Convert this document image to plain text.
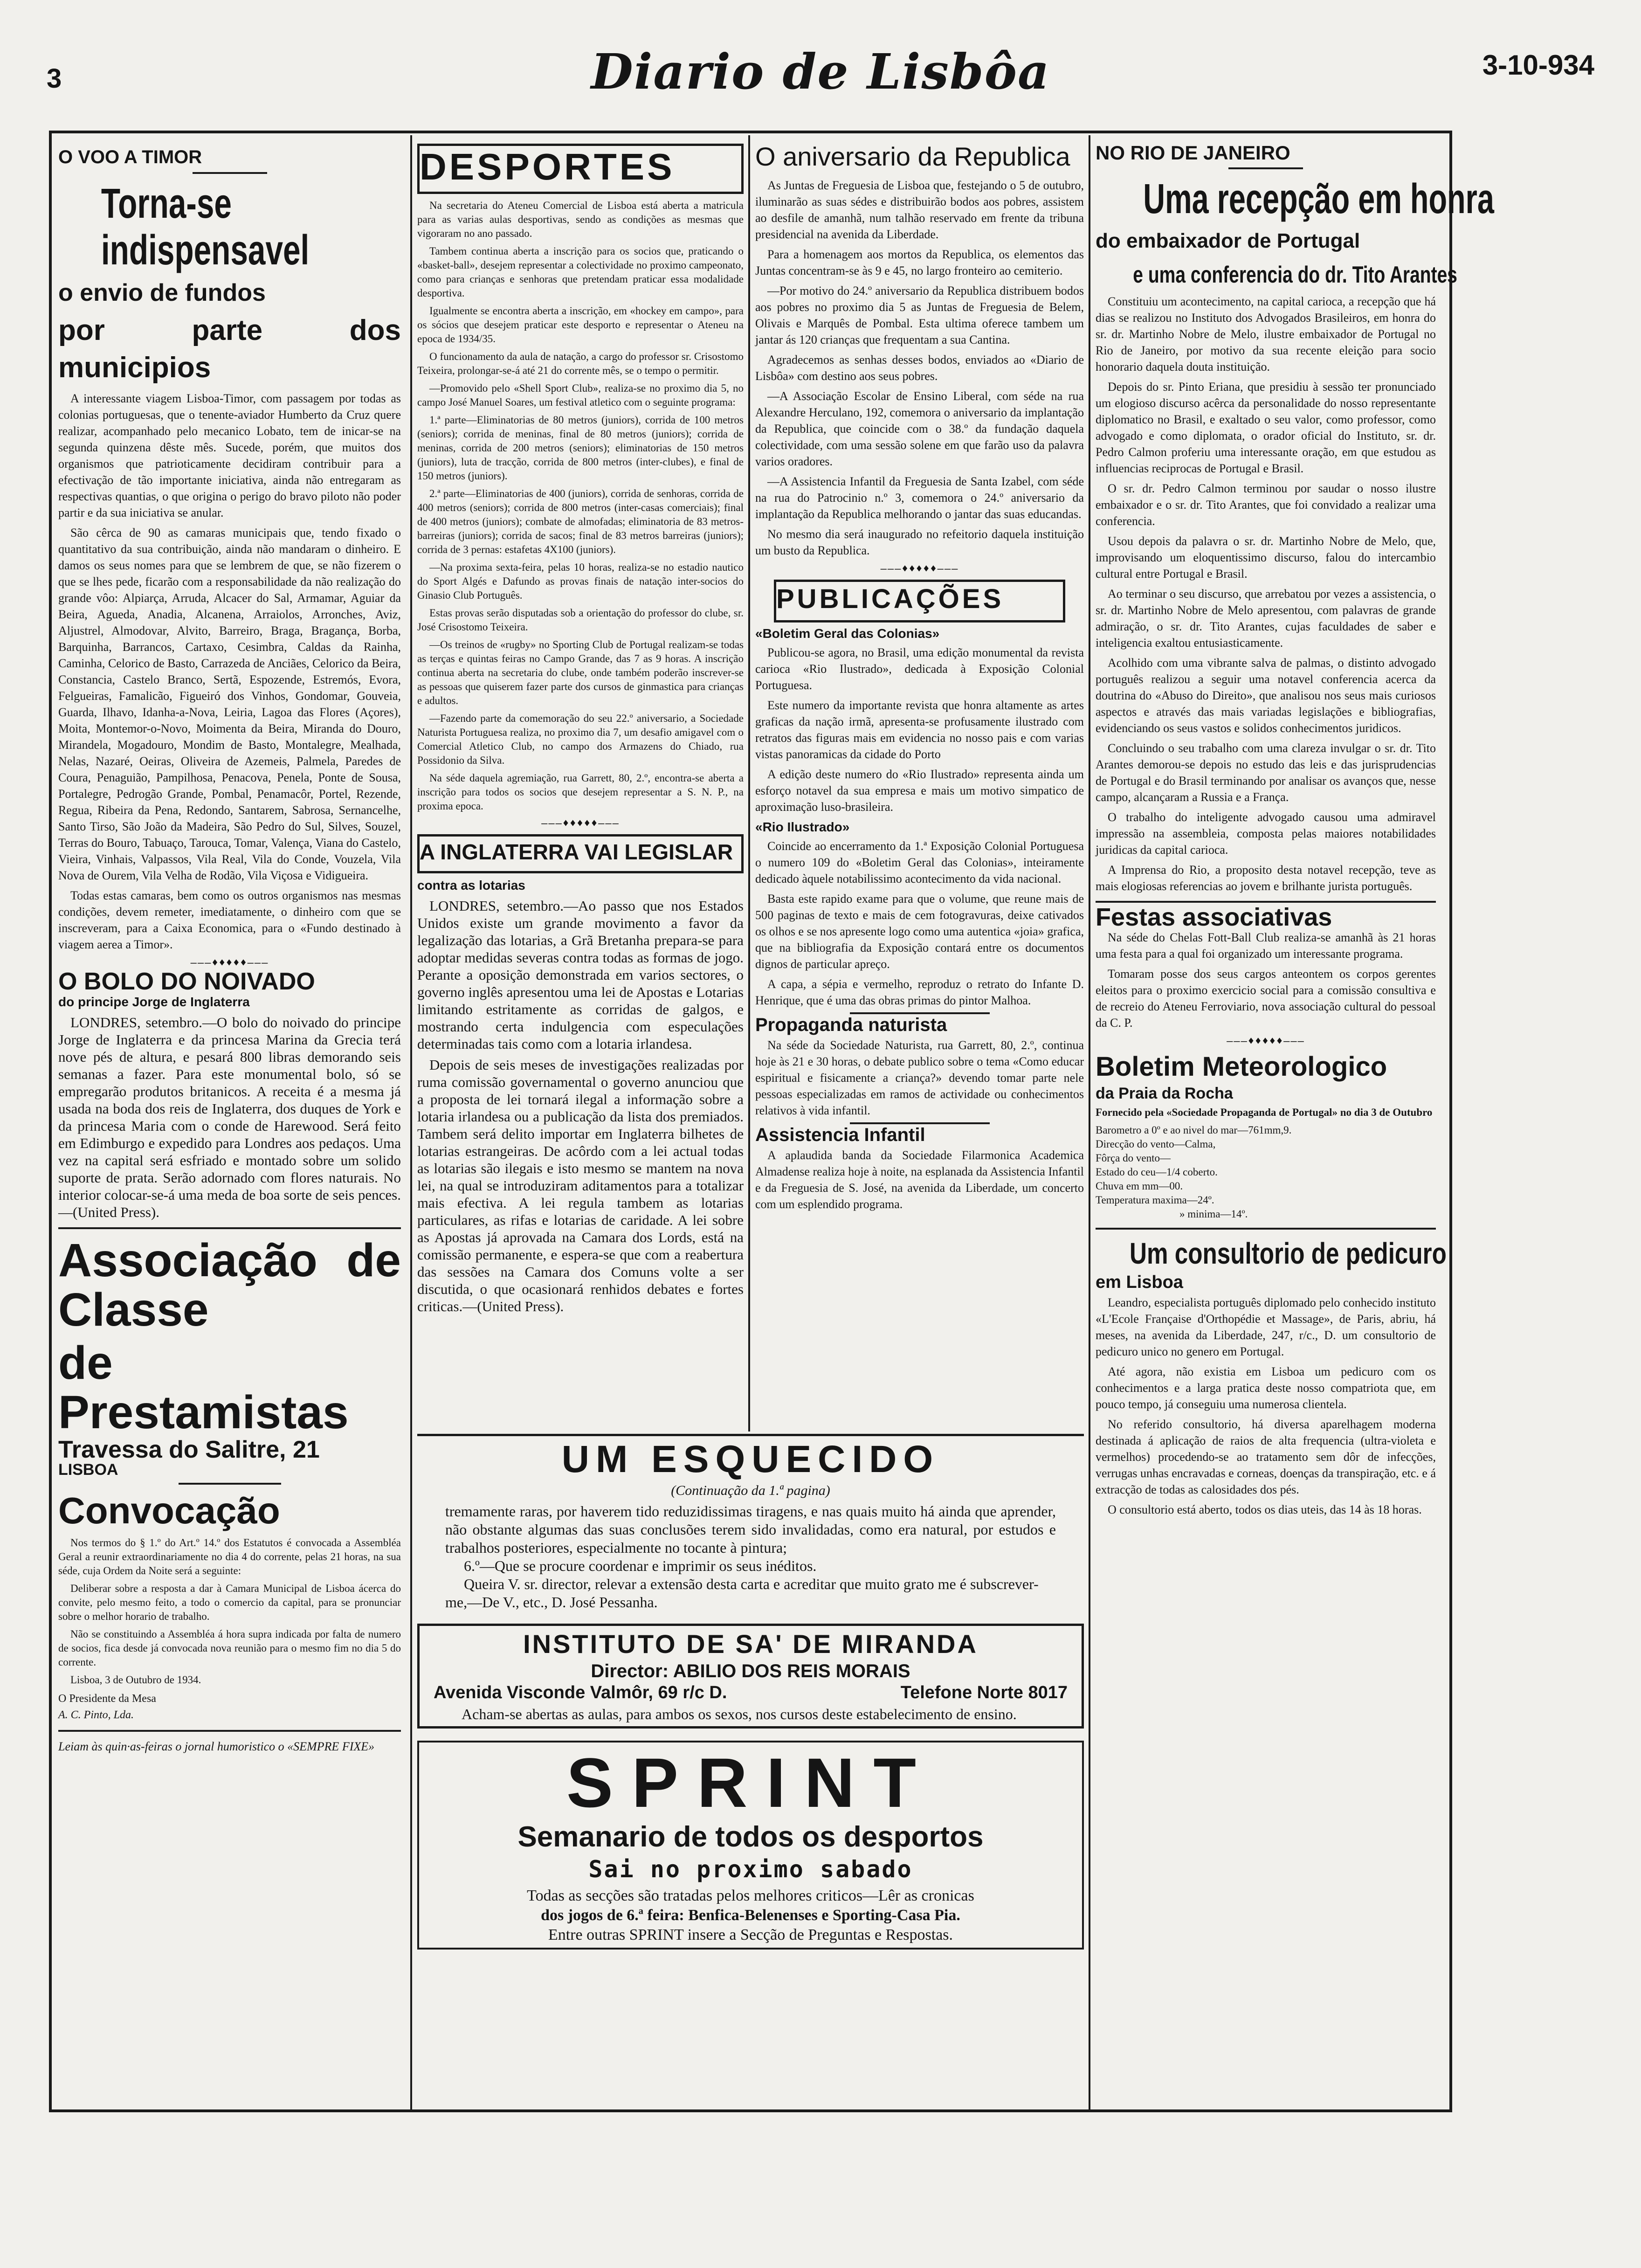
3	Diario de Lisbôa	3-10-934

O VOO A TIMOR

Torna-se indispensavel

o envio de fundos

por parte dos municipios

A interessante viagem Lisboa-Timor, com passagem por todas as colonias portuguesas, que o tenente-aviador Humberto da Cruz quere realizar, acompanhado pelo mecanico Lobato, tem de inicar-se na segunda quinzena dêste mês. Sucede, porém, que muitos dos organismos que patrioticamente decidiram contribuir para a efectivação de tão importante iniciativa, ainda não entregaram as respectivas quantias, o que origina o perigo do bravo piloto não poder partir e da sua iniciativa se anular.

São cêrca de 90 as camaras municipais que, tendo fixado o quantitativo da sua contribuição, ainda não mandaram o dinheiro. E damos os seus nomes para que se lembrem de que, se não fizerem o que se lhes pede, ficarão com a responsabilidade da não realização do grande vôo: Alpiarça, Arruda, Alcacer do Sal, Armamar, Aguiar da Beira, Agueda, Anadia, Alcanena, Arraiolos, Arronches, Aviz, Aljustrel, Almodovar, Alvito, Barreiro, Braga, Bragança, Borba, Barquinha, Barrancos, Cartaxo, Cesimbra, Caldas da Rainha, Caminha, Celorico de Basto, Carrazeda de Anciães, Celorico da Beira, Constancia, Castelo Branco, Sertã, Espozende, Estremós, Evora, Felgueiras, Famalicão, Figueiró dos Vinhos, Gondomar, Gouveia, Guarda, Ilhavo, Idanha-a-Nova, Leiria, Lagoa das Flores (Açores), Moita, Montemor-o-Novo, Moimenta da Beira, Miranda do Douro, Mirandela, Mogadouro, Mondim de Basto, Montalegre, Mealhada, Nelas, Nazaré, Oeiras, Oliveira de Azemeis, Palmela, Paredes de Coura, Penaguião, Pampilhosa, Penacova, Penela, Ponte de Sousa, Portalegre, Pedrogão Grande, Pombal, Penamacôr, Portel, Rezende, Regua, Ribeira da Pena, Redondo, Santarem, Sabrosa, Sernancelhe, Santo Tirso, São João da Madeira, São Pedro do Sul, Silves, Souzel, Terras do Bouro, Tabuaço, Tarouca, Tomar, Valença, Viana do Castelo, Vieira, Vinhais, Valpassos, Vila Real, Vila do Conde, Vouzela, Vila Nova de Ourem, Vila Velha de Rodão, Vila Viçosa e Vidigueira.

Todas estas camaras, bem como os outros organismos nas mesmas condições, devem remeter, imediatamente, o dinheiro com que se inscreveram, para a Caixa Economica, para o «Fundo destinado à viagem aerea a Timor».

———♦♦♦♦♦———

O BOLO DO NOIVADO

do principe Jorge de Inglaterra

LONDRES, setembro.—O bolo do noivado do principe Jorge de Inglaterra e da princesa Marina da Grecia terá nove pés de altura, e pesará 800 libras demorando seis semanas a fazer. Para este monumental bolo, só se empregarão produtos britanicos. A receita é a mesma já usada na boda dos reis de Inglaterra, dos duques de York e da princesa Maria com o conde de Harewood. Será feito em Edimburgo e expedido para Londres aos pedaços. Uma vez na capital será esfriado e montado sobre um solido suporte de prata. Serão adornado com flores naturais. No interior colocar-se-á uma meda de boa sorte de seis pences.—(United Press).

Associação de Classe

de Prestamistas

Travessa do Salitre, 21

LISBOA

Convocação

Nos termos do § 1.º do Art.º 14.º dos Estatutos é convocada a Assembléa Geral a reunir extraordinariamente no dia 4 do corrente, pelas 21 horas, na sua séde, cuja Ordem da Noite será a seguinte:

Deliberar sobre a resposta a dar à Camara Municipal de Lisboa ácerca do convite, pelo mesmo feito, a todo o comercio da capital, para se pronunciar sobre o melhor horario de trabalho.

Não se constituindo a Assembléa á hora supra indicada por falta de numero de socios, fica desde já convocada nova reunião para o mesmo fim no dia 5 do corrente.

Lisboa, 3 de Outubro de 1934.

O Presidente da Mesa

A. C. Pinto, Lda.

Leiam às quin·as-feiras o jornal humoristico o «SEMPRE FIXE»

DESPORTES

Na secretaria do Ateneu Comercial de Lisboa está aberta a matricula para as varias aulas desportivas, sendo as condições as mesmas que vigoraram no ano passado.

Tambem continua aberta a inscrição para os socios que, praticando o «basket-ball», desejem representar a colectividade no proximo campeonato, como para crianças e senhoras que pretendam praticar essa modalidade desportiva.

Igualmente se encontra aberta a inscrição, em «hockey em campo», para os sócios que desejem praticar este desporto e representar o Ateneu na epoca de 1934/35.

O funcionamento da aula de natação, a cargo do professor sr. Crisostomo Teixeira, prolongar-se-á até 21 do corrente mês, se o tempo o permitir.

—Promovido pelo «Shell Sport Club», realiza-se no proximo dia 5, no campo José Manuel Soares, um festival atletico com o seguinte programa:

1.ª parte—Eliminatorias de 80 metros (juniors), corrida de 100 metros (seniors); corrida de meninas, final de 80 metros (juniors); corrida de meninas, corrida de 200 metros (seniors); eliminatorias de 150 metros (juniors), luta de tracção, corrida de 800 metros (inter-clubes), e final de 150 metros (juniors).

2.ª parte—Eliminatorias de 400 (juniors), corrida de senhoras, corrida de 400 metros (seniors); corrida de 800 metros (inter-casas comerciais); final de 400 metros (juniors); combate de almofadas; eliminatoria de 83 metros-barreiras (juniors); corrida de sacos; final de 83 metros barreiras (juniors); corrida de 3 pernas: estafetas 4X100 (juniors).

—Na proxima sexta-feira, pelas 10 horas, realiza-se no estadio nautico do Sport Algés e Dafundo as provas finais de natação inter-socios do Ginasio Club Português.

Estas provas serão disputadas sob a orientação do professor do clube, sr. José Crisostomo Teixeira.

—Os treinos de «rugby» no Sporting Club de Portugal realizam-se todas as terças e quintas feiras no Campo Grande, das 7 as 9 horas. A inscrição continua aberta na secretaria do clube, onde também poderão inscrever-se as pessoas que quiserem fazer parte dos cursos de ginmastica para crianças e adultos.

—Fazendo parte da comemoração do seu 22.º aniversario, a Sociedade Naturista Portuguesa realiza, no proximo dia 7, um desafio amigavel com o Comercial Atletico Club, no campo dos Armazens do Chiado, rua Possidonio da Silva.

Na séde daquela agremiação, rua Garrett, 80, 2.º, encontra-se aberta a inscrição para todos os socios que desejem representar a S. N. P., na proxima epoca.

———♦♦♦♦♦———

A INGLATERRA VAI LEGISLAR

contra as lotarias

LONDRES, setembro.—Ao passo que nos Estados Unidos existe um grande movimento a favor da legalização das lotarias, a Grã Bretanha prepara-se para adoptar medidas severas contra todas as formas de jogo. Perante a oposição demonstrada em varios sectores, o governo inglês apresentou uma lei de Apostas e Lotarias limitando estritamente as corridas de galgos, e mostrando certa indulgencia com especulações determinadas tais como com a lotaria irlandesa.

Depois de seis meses de investigações realizadas por ruma comissão governamental o governo anunciou que a proposta de lei tornará ilegal a informação sobre a lotaria irlandesa ou a publicação da lista dos premiados. Tambem será delito importar em Inglaterra bilhetes de lotarias estrangeiras. De acôrdo com a lei actual todas as lotarias são ilegais e isto mesmo se mantem na nova lei, na qual se introduziram aditamentos para a totalizar mais efectiva. A lei regula tambem as lotarias particulares, as rifas e lotarias de caridade. A lei sobre as Apostas já aprovada na Camara dos Lords, está na comissão permanente, e espera-se que com a reabertura das sessões na Camara dos Comuns volte a ser discutida, o que ocasionará renhidos debates e fortes criticas.—(United Press).

O aniversario da Republica

As Juntas de Freguesia de Lisboa que, festejando o 5 de outubro, iluminarão as suas sédes e distribuirão bodos aos pobres, assistem ao desfile de amanhã, num talhão reservado em frente da tribuna presidencial na avenida da Liberdade.

Para a homenagem aos mortos da Republica, os elementos das Juntas concentram-se às 9 e 45, no largo fronteiro ao cemiterio.

—Por motivo do 24.º aniversario da Republica distribuem bodos aos pobres no proximo dia 5 as Juntas de Freguesia de Belem, Olivais e Marquês de Pombal. Esta ultima oferece tambem um jantar ás 120 crianças que frequentam a sua Cantina.

Agradecemos as senhas desses bodos, enviados ao «Diario de Lisbôa» com destino aos seus pobres.

—A Associação Escolar de Ensino Liberal, com séde na rua Alexandre Herculano, 192, comemora o aniversario da implantação da Republica, que coincide com o 38.º da fundação daquela colectividade, com uma sessão solene em que farão uso da palavra varios oradores.

—A Assistencia Infantil da Freguesia de Santa Izabel, com séde na rua do Patrocinio n.º 3, comemora o 24.º aniversario da implantação da Republica melhorando o jantar das suas educandas.

No mesmo dia será inaugurado no refeitorio daquela instituição um busto da Republica.

———♦♦♦♦♦———

PUBLICAÇÕES

«Boletim Geral das Colonias»

Publicou-se agora, no Brasil, uma edição monumental da revista carioca «Rio Ilustrado», dedicada à Exposição Colonial Portuguesa.

Este numero da importante revista que honra altamente as artes graficas da nação irmã, apresenta-se profusamente ilustrado com retratos das figuras mais em evidencia no nosso pais e com varias vistas panoramicas da cidade do Porto

A edição deste numero do «Rio Ilustrado» representa ainda um esforço notavel da sua empresa e mais um motivo simpatico de aproximação luso-brasileira.

«Rio Ilustrado»

Coincide ao encerramento da 1.ª Exposição Colonial Portuguesa o numero 109 do «Boletim Geral das Colonias», inteiramente dedicado àquele notabilissimo acontecimento da vida nacional.

Basta este rapido exame para que o volume, que reune mais de 500 paginas de texto e mais de cem fotogravuras, deixe cativados os olhos e se nos apresente logo como uma autentica «joia» grafica, que na bibliografia da Exposição contará entre os documentos dignos de particular apreço.

A capa, a sépia e vermelho, reproduz o retrato do Infante D. Henrique, que é uma das obras primas do pintor Malhoa.

Propaganda naturista

Na séde da Sociedade Naturista, rua Garrett, 80, 2.º, continua hoje às 21 e 30 horas, o debate publico sobre o tema «Como educar espiritual e fisicamente a criança?» devendo tomar parte nele pessoas especializadas em ramos de actividade ou conhecimentos relativos à vida infantil.

Assistencia Infantil

A aplaudida banda da Sociedade Filarmonica Academica Almadense realiza hoje à noite, na esplanada da Assistencia Infantil e da Freguesia de S. José, na avenida da Liberdade, um concerto com um esplendido programa.

NO RIO DE JANEIRO

Uma recepção em honra

do embaixador de Portugal

e uma conferencia do dr. Tito Arantes

Constituiu um acontecimento, na capital carioca, a recepção que há dias se realizou no Instituto dos Advogados Brasileiros, em honra do sr. dr. Martinho Nobre de Melo, ilustre embaixador de Portugal no Rio de Janeiro, por motivo da sua recente eleição para socio honorario daquela douta instituição.

Depois do sr. Pinto Eriana, que presidiu à sessão ter pronunciado um elogioso discurso acêrca da personalidade do nosso representante diplomatico no Brasil, e exaltado o seu valor, como professor, como advogado e como diplomata, o orador oficial do Instituto, sr. dr. Pedro Calmon proferiu uma interessante oração, em que estudou as influencias reciprocas de Portugal e Brasil.

O sr. dr. Pedro Calmon terminou por saudar o nosso ilustre embaixador e o sr. dr. Tito Arantes, que foi convidado a realizar uma conferencia.

Usou depois da palavra o sr. dr. Martinho Nobre de Melo, que, improvisando um eloquentissimo discurso, falou do intercambio cultural entre Portugal e Brasil.

Ao terminar o seu discurso, que arrebatou por vezes a assistencia, o sr. dr. Martinho Nobre de Melo apresentou, com palavras de grande admiração, o sr. dr. Tito Arantes, cujas faculdades de saber e inteligencia exaltou entusiasticamente.

Acolhido com uma vibrante salva de palmas, o distinto advogado português realizou a seguir uma notavel conferencia acerca da doutrina do «Abuso do Direito», que analisou nos seus mais curiosos aspectos e através das mais variadas legislações e bibliografias, evidenciando os seus vastos e solidos conhecimentos juridicos.

Concluindo o seu trabalho com uma clareza invulgar o sr. dr. Tito Arantes demorou-se depois no estudo das leis e das jurisprudencias de Portugal e do Brasil terminando por analisar os avanços que, nesse campo, alcançaram a Russia e a França.

O trabalho do inteligente advogado causou uma admiravel impressão na assembleia, composta pelas maiores notabilidades juridicas da capital carioca.

A Imprensa do Rio, a proposito desta notavel recepção, teve as mais elogiosas referencias ao jovem e brilhante jurista português.

Festas associativas

Na séde do Chelas Fott-Ball Club realiza-se amanhã às 21 horas uma festa para a qual foi organizado um interessante programa.

Tomaram posse dos seus cargos anteontem os corpos gerentes eleitos para o proximo exercicio social para a comissão consultiva e de recreio do Ateneu Ferroviario, nova associação cultural do pessoal da C. P.

———♦♦♦♦♦———

Boletim Meteorologico

da Praia da Rocha

Fornecido pela «Sociedade Propaganda de Portugal» no dia 3 de Outubro

Barometro a 0º e ao nivel do mar—761mm,9.

Direcção do vento—Calma,

Fôrça do vento—

Estado do ceu—1/4 coberto.

Chuva em mm—00.

Temperatura maxima—24º.

» minima—14º.

Um consultorio de pedicuro

em Lisboa

Leandro, especialista português diplomado pelo conhecido instituto «L'Ecole Française d'Orthopédie et Massage», de Paris, abriu, há meses, na avenida da Liberdade, 247, r/c., D. um consultorio de pedicuro unico no genero em Portugal.

Até agora, não existia em Lisboa um pedicuro com os conhecimentos e a larga pratica deste nosso compatriota que, em pouco tempo, já conseguiu uma numerosa clientela.

No referido consultorio, há diversa aparelhagem moderna destinada á aplicação de raios de alta frequencia (ultra-violeta e vermelhos) procedendo-se ao tratamento sem dôr de infecções, verrugas unhas encravadas e corneas, doenças da transpiração, etc. e á extracção de todas as calosidades dos pés.

O consultorio está aberto, todos os dias uteis, das 14 às 18 horas.

UM ESQUECIDO

(Continuação da 1.ª pagina)

tremamente raras, por haverem tido reduzidissimas tiragens, e nas quais muito há ainda que aprender, não obstante algumas das suas conclusões terem sido invalidadas, como era natural, por estudos e trabalhos posteriores, especialmente no tocante à pintura;

6.º—Que se procure coordenar e imprimir os seus inéditos.

Queira V. sr. director, relevar a extensão desta carta e acreditar que muito grato me é subscrever-me,—De V., etc., D. José Pessanha.

INSTITUTO DE SA' DE MIRANDA

Director: ABILIO DOS REIS MORAIS

Avenida Visconde Valmôr, 69 r/c D.	Telefone Norte 8017

Acham-se abertas as aulas, para ambos os sexos, nos cursos deste estabelecimento de ensino.

SPRINT

Semanario de todos os desportos

Sai no proximo sabado

Todas as secções são tratadas pelos melhores criticos—Lêr as cronicas

dos jogos de 6.ª feira: Benfica-Belenenses e Sporting-Casa Pia.

Entre outras SPRINT insere a Secção de Preguntas e Respostas.
